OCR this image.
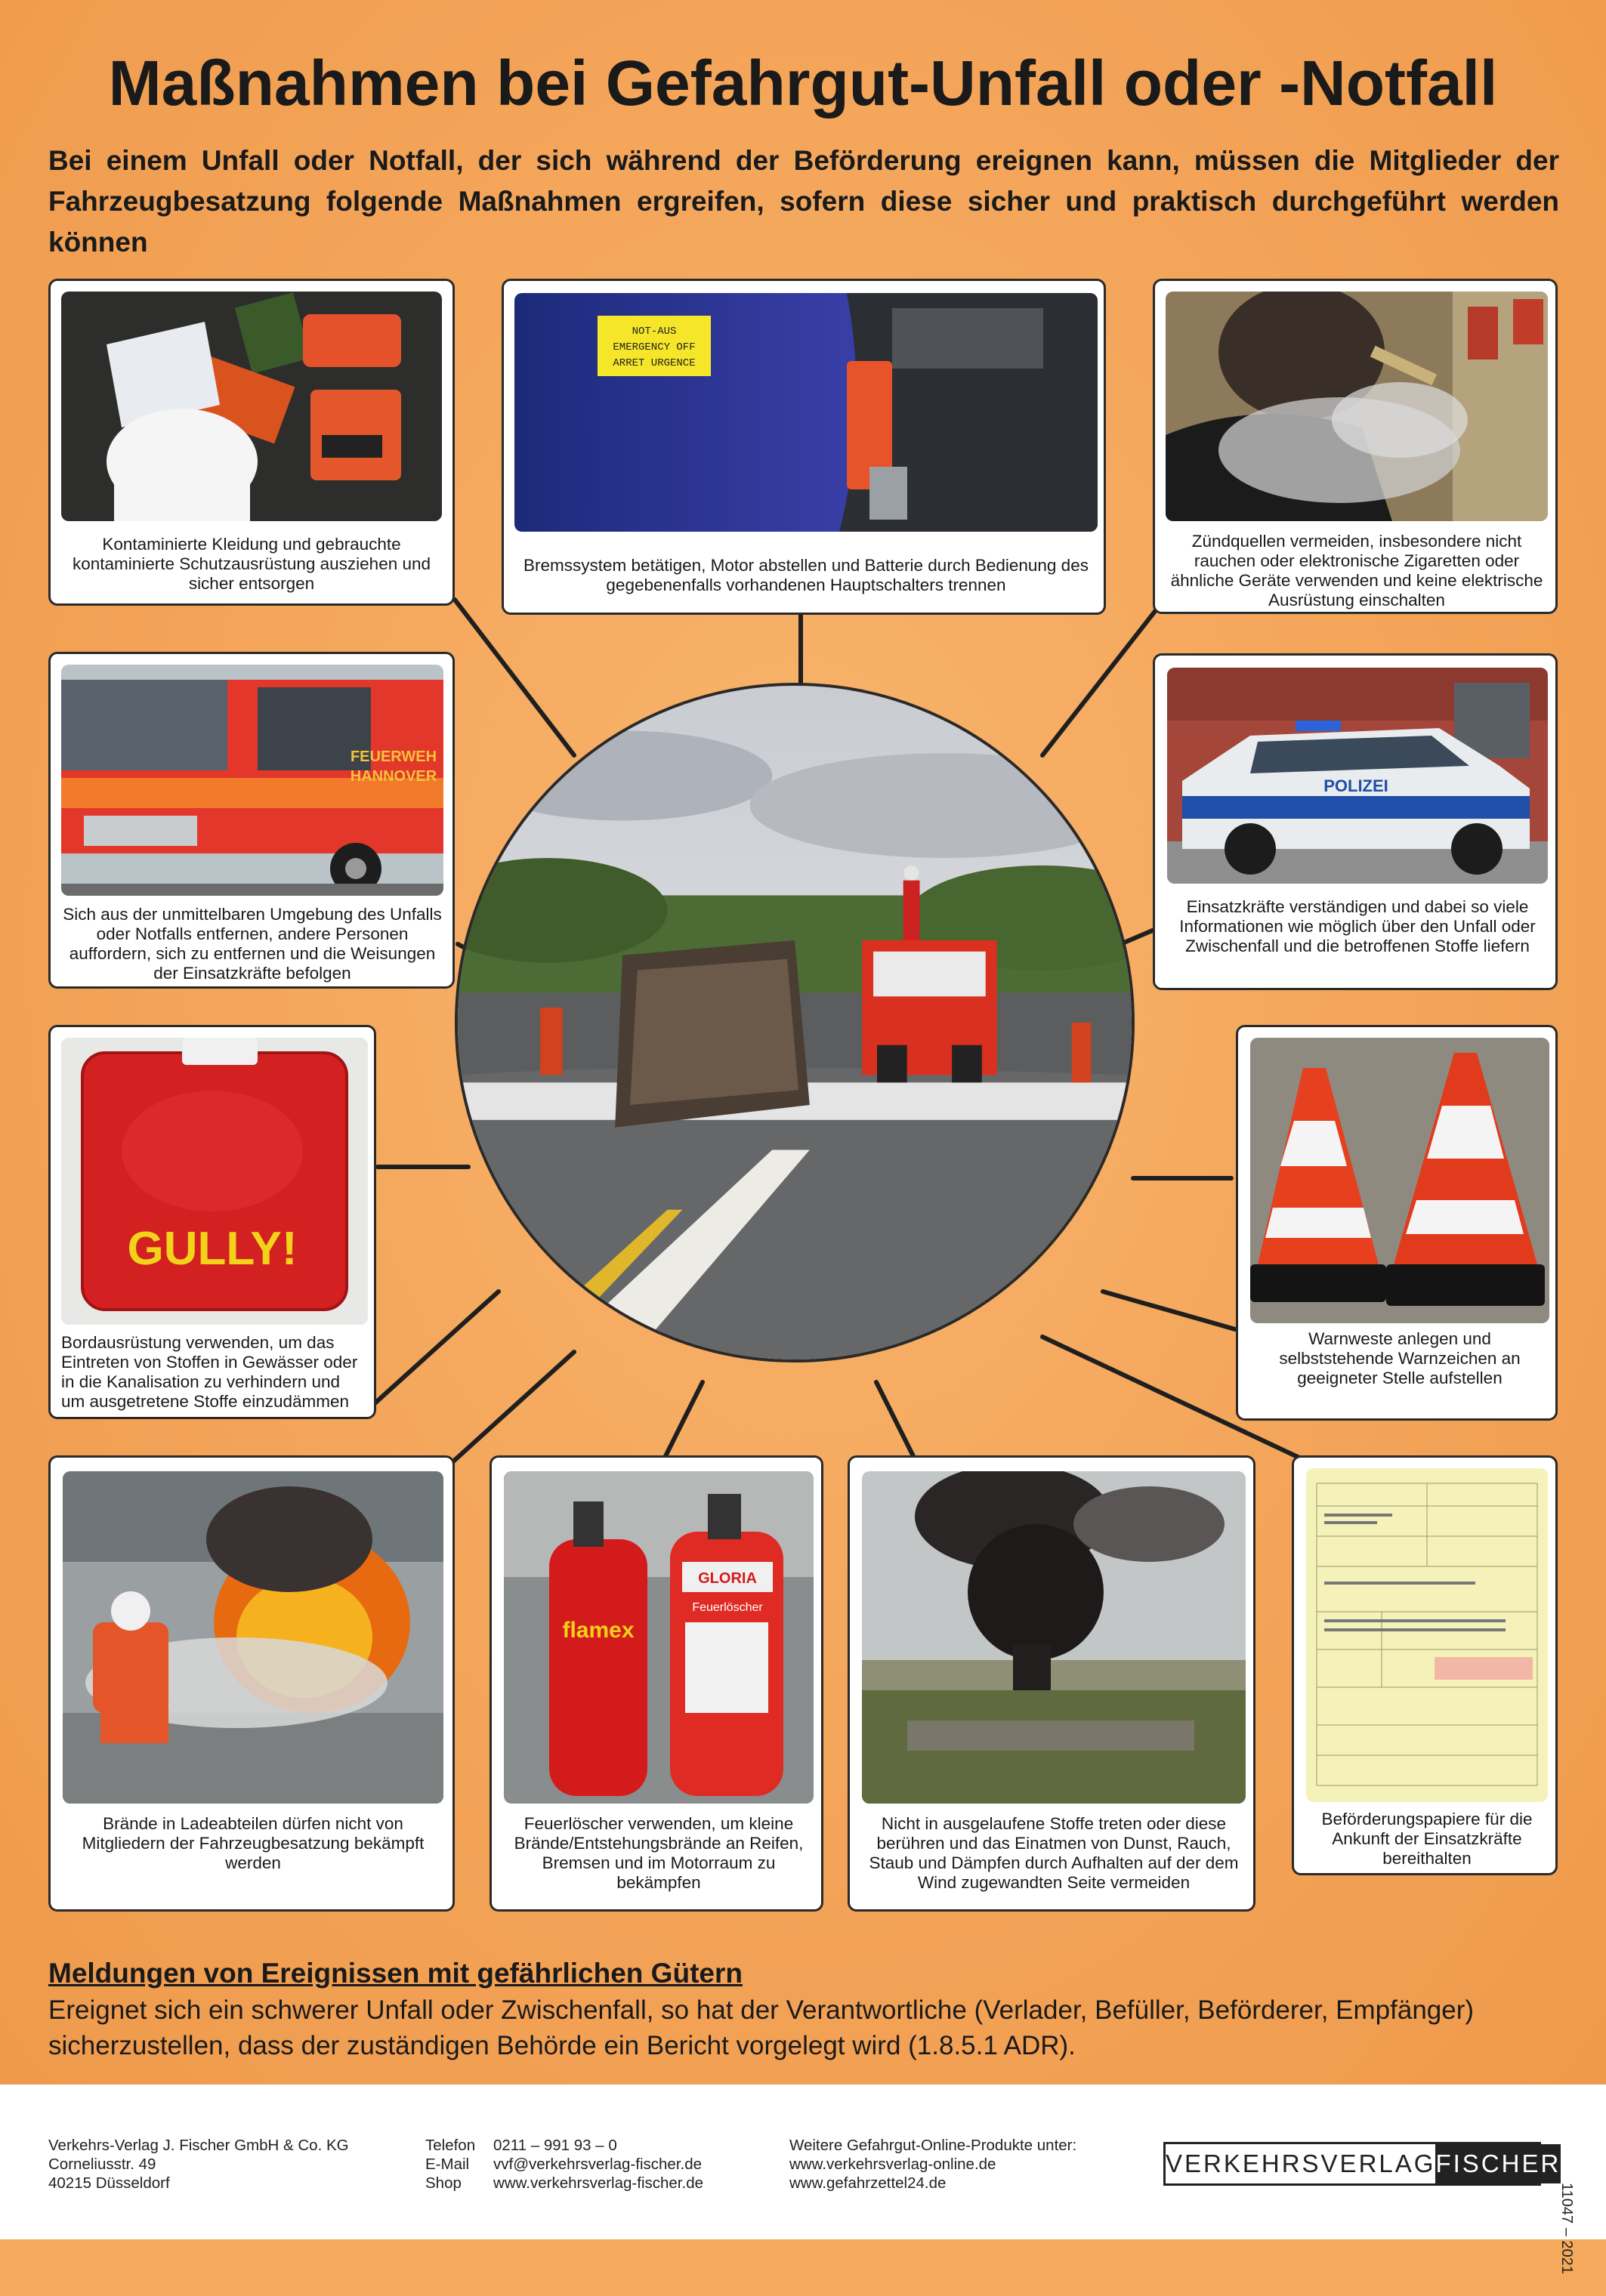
Maßnahmen bei Gefahrgut-Unfall oder -Notfall
Bei einem Unfall oder Notfall, der sich während der Beförderung ereignen kann, müssen die Mitglieder der Fahrzeugbesatzung folgende Maßnahmen ergreifen, sofern diese sicher und praktisch durchgeführt werden können
Kontaminierte Kleidung und gebrauchte kontaminierte Schutzausrüstung ausziehen und sicher entsorgen
NOT-AUS
EMERGENCY OFF
ARRET URGENCE
Bremssystem betätigen, Motor abstellen und Batterie durch Bedienung des gegebenenfalls vorhandenen Hauptschalters trennen
Zündquellen vermeiden, insbesondere nicht rauchen oder elektronische Zigaretten oder ähnliche Geräte verwenden und keine elektrische Ausrüstung einschalten
FEUERWEH
HANNOVER
Sich aus der unmittelbaren Umgebung des Unfalls oder Notfalls entfernen, andere Personen auffordern, sich zu entfernen und die Weisungen der Einsatzkräfte befolgen
POLIZEI
Einsatzkräfte verständigen und dabei so viele Informationen wie möglich über den Unfall oder Zwischenfall und die betroffenen Stoffe liefern
GULLY!
Bordausrüstung verwenden, um das Eintreten von Stoffen in Gewässer oder in die Kanalisation zu verhindern und um ausgetretene Stoffe einzudämmen
Warnweste anlegen und selbststehende Warnzeichen an geeigneter Stelle aufstellen
Brände in Ladeabteilen dürfen nicht von Mitgliedern der Fahrzeugbesatzung bekämpft werden
flamex
GLORIA
Feuerlöscher
Feuerlöscher verwenden, um kleine Brände/Entstehungsbrände an Reifen, Bremsen und im Motorraum zu bekämpfen
Nicht in ausgelaufene Stoffe treten oder diese berühren und das Einatmen von Dunst, Rauch, Staub und Dämpfen durch Aufhalten auf der dem Wind zugewandten Seite vermeiden
Beförderungspapiere für die Ankunft der Einsatzkräfte bereithalten
Meldungen von Ereignissen mit gefährlichen Gütern
Ereignet sich ein schwerer Unfall oder Zwischenfall, so hat der Verantwortliche (Verlader, Befüller, Beförderer, Empfänger) sicherzustellen, dass der zuständigen Behörde ein Bericht vorgelegt wird (1.8.5.1 ADR).
Verkehrs-Verlag J. Fischer GmbH & Co. KG
Corneliusstr. 49
40215 Düsseldorf
Telefon 0211 – 991 93 – 0
E-Mail vvf@verkehrsverlag-fischer.de
Shop www.verkehrsverlag-fischer.de
Weitere Gefahrgut-Online-Produkte unter:
www.verkehrsverlag-online.de
www.gefahrzettel24.de
VERKEHRSVERLAG FISCHER
11047 – 2021
